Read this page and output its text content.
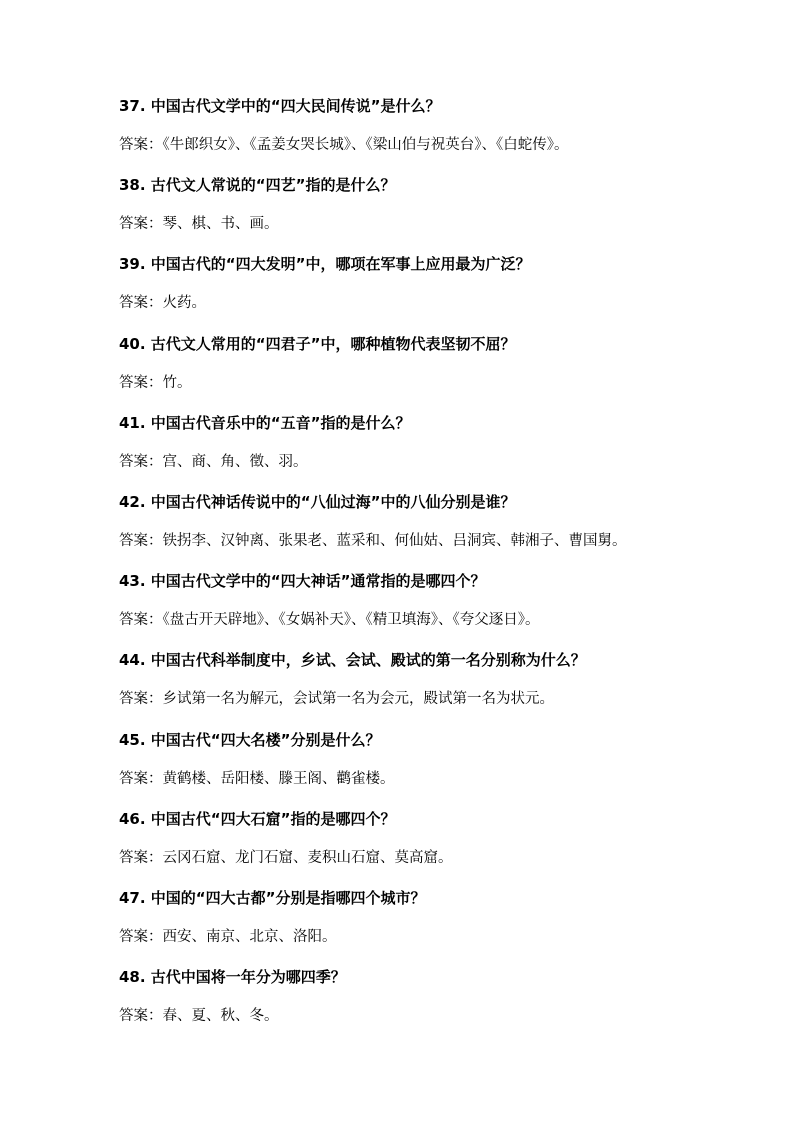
37. 中国古代文学中的“四大民间传说”是什么？
答案：《牛郎织女》、《孟姜女哭长城》、《梁山伯与祝英台》、《白蛇传》。
38. 古代文人常说的“四艺”指的是什么？
答案：琴、棋、书、画。
39. 中国古代的“四大发明”中，哪项在军事上应用最为广泛？
答案：火药。
40. 古代文人常用的“四君子”中，哪种植物代表坚韧不屈？
答案：竹。
41. 中国古代音乐中的“五音”指的是什么？
答案：宫、商、角、徵、羽。
42. 中国古代神话传说中的“八仙过海”中的八仙分别是谁？
答案：铁拐李、汉钟离、张果老、蓝采和、何仙姑、吕洞宾、韩湘子、曹国舅。
43. 中国古代文学中的“四大神话”通常指的是哪四个？
答案：《盘古开天辟地》、《女娲补天》、《精卫填海》、《夸父逐日》。
44. 中国古代科举制度中，乡试、会试、殿试的第一名分别称为什么？
答案：乡试第一名为解元，会试第一名为会元，殿试第一名为状元。
45. 中国古代“四大名楼”分别是什么？
答案：黄鹤楼、岳阳楼、滕王阁、鹳雀楼。
46. 中国古代“四大石窟”指的是哪四个？
答案：云冈石窟、龙门石窟、麦积山石窟、莫高窟。
47. 中国的“四大古都”分别是指哪四个城市？
答案：西安、南京、北京、洛阳。
48. 古代中国将一年分为哪四季？
答案：春、夏、秋、冬。
